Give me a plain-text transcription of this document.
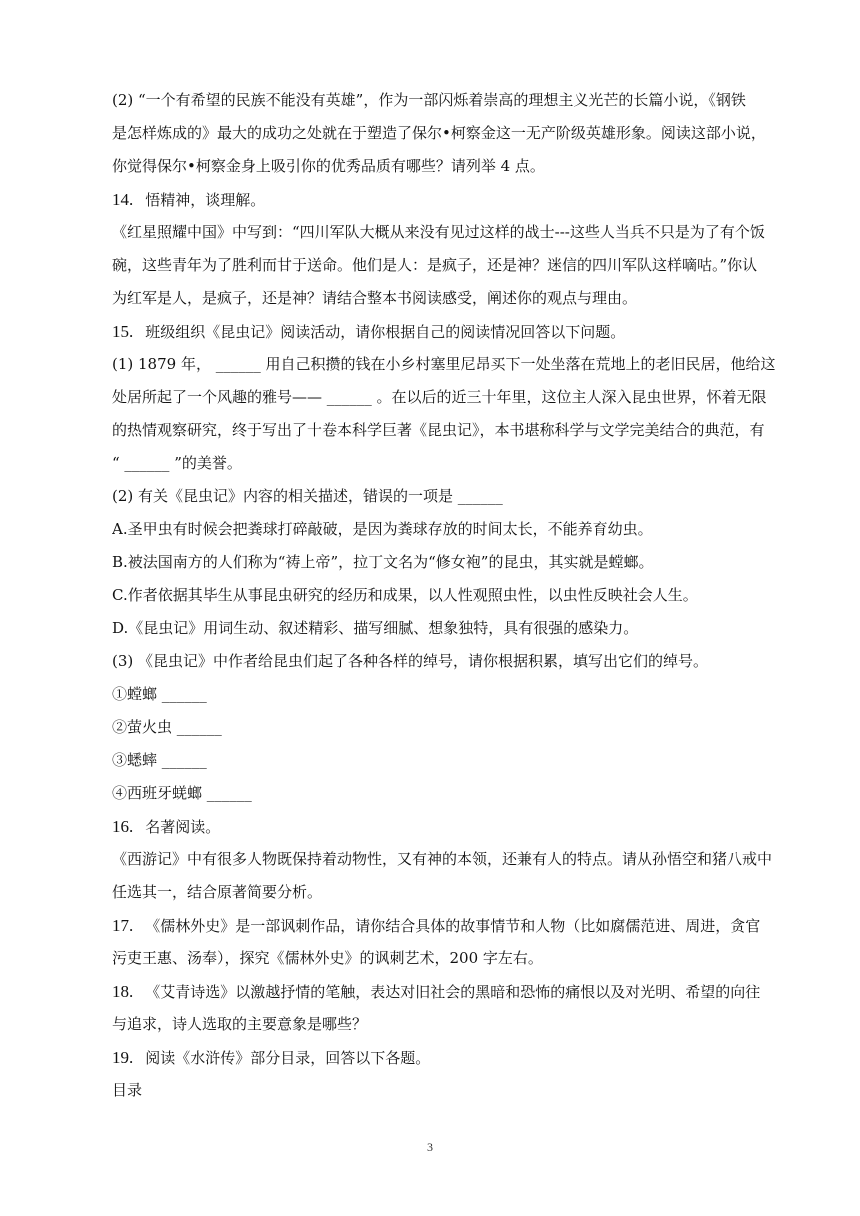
(2) “一个有希望的民族不能没有英雄”，作为一部闪烁着崇高的理想主义光芒的长篇小说，《钢铁
是怎样炼成的》最大的成功之处就在于塑造了保尔•柯察金这一无产阶级英雄形象。阅读这部小说，
你觉得保尔•柯察金身上吸引你的优秀品质有哪些？请列举 4 点。
14. 悟精神，谈理解。
《红星照耀中国》中写到：“四川军队大概从来没有见过这样的战士---这些人当兵不只是为了有个饭
碗，这些青年为了胜利而甘于送命。他们是人：是疯子，还是神？迷信的四川军队这样嘀咕。”你认
为红军是人，是疯子，还是神？请结合整本书阅读感受，阐述你的观点与理由。
15. 班级组织《昆虫记》阅读活动，请你根据自己的阅读情况回答以下问题。
(1) 1879 年， ______ 用自己积攒的钱在小乡村塞里尼昂买下一处坐落在荒地上的老旧民居，他给这
处居所起了一个风趣的雅号—— ______ 。在以后的近三十年里，这位主人深入昆虫世界，怀着无限
的热情观察研究，终于写出了十卷本科学巨著《昆虫记》，本书堪称科学与文学完美结合的典范，有
“ ______ ”的美誉。
(2) 有关《昆虫记》内容的相关描述，错误的一项是 ______
A.圣甲虫有时候会把粪球打碎敲破，是因为粪球存放的时间太长，不能养育幼虫。
B.被法国南方的人们称为“祷上帝”，拉丁文名为“修女袍”的昆虫，其实就是螳螂。
C.作者依据其毕生从事昆虫研究的经历和成果，以人性观照虫性，以虫性反映社会人生。
D.《昆虫记》用词生动、叙述精彩、描写细腻、想象独特，具有很强的感染力。
(3) 《昆虫记》中作者给昆虫们起了各种各样的绰号，请你根据积累，填写出它们的绰号。
①螳螂 ______
②萤火虫 ______
③蟋蟀 ______
④西班牙蜣螂 ______
16. 名著阅读。
《西游记》中有很多人物既保持着动物性，又有神的本领，还兼有人的特点。请从孙悟空和猪八戒中
任选其一，结合原著简要分析。
17. 《儒林外史》是一部讽刺作品，请你结合具体的故事情节和人物（比如腐儒范进、周进，贪官
污吏王惠、汤奉），探究《儒林外史》的讽刺艺术，200 字左右。
18. 《艾青诗选》以激越抒情的笔触，表达对旧社会的黑暗和恐怖的痛恨以及对光明、希望的向往
与追求，诗人选取的主要意象是哪些？
19. 阅读《水浒传》部分目录，回答以下各题。
目录
3
